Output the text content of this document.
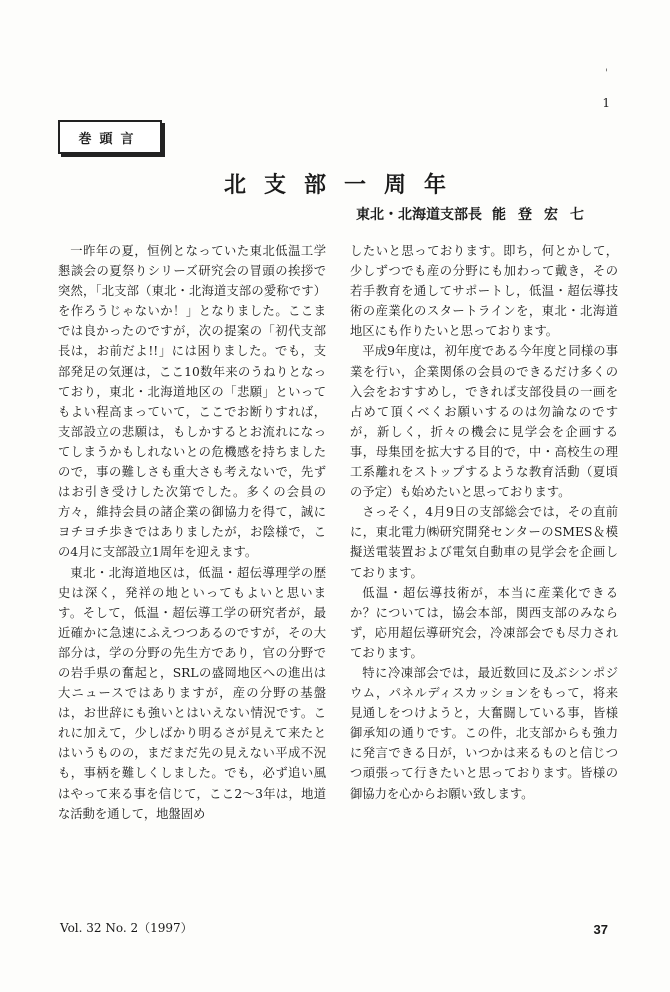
'
1
巻頭言
北支部一周年
東北・北海道支部長 能登宏七

一昨年の夏，恒例となっていた東北低温工学懇談会の夏祭りシリーズ研究会の冒頭の挨拶で突然，「北支部（東北・北海道支部の愛称です）を作ろうじゃないか！」となりました。ここまでは良かったのですが，次の提案の「初代支部長は，お前だよ!!」には困りました。でも，支部発足の気運は，ここ10数年来のうねりとなっており，東北・北海道地区の「悲願」といってもよい程高まっていて，ここでお断りすれば，支部設立の悲願は，もしかするとお流れになってしまうかもしれないとの危機感を持ちましたので，事の難しさも重大さも考えないで，先ずはお引き受けした次第でした。多くの会員の方々，維持会員の諸企業の御協力を得て，誠にヨチヨチ歩きではありましたが，お陰様で，この4月に支部設立1周年を迎えます。

東北・北海道地区は，低温・超伝導理学の歴史は深く，発祥の地といってもよいと思います。そして，低温・超伝導工学の研究者が，最近確かに急速にふえつつあるのですが，その大部分は，学の分野の先生方であり，官の分野での岩手県の奮起と，SRLの盛岡地区への進出は大ニュースではありますが，産の分野の基盤は，お世辞にも強いとはいえない情況です。これに加えて，少しばかり明るさが見えて来たとはいうものの，まだまだ先の見えない平成不況も，事柄を難しくしました。でも，必ず追い風はやって来る事を信じて，ここ2～3年は，地道な活動を通して，地盤固め

したいと思っております。即ち，何とかして，少しずつでも産の分野にも加わって戴き，その若手教育を通してサポートし，低温・超伝導技術の産業化のスタートラインを，東北・北海道地区にも作りたいと思っております。

平成9年度は，初年度である今年度と同様の事業を行い，企業関係の会員のできるだけ多くの入会をおすすめし，できれば支部役員の一画を占めて頂くべくお願いするのは勿論なのですが，新しく，折々の機会に見学会を企画する事，母集団を拡大する目的で，中・高校生の理工系離れをストップするような教育活動（夏頃の予定）も始めたいと思っております。

さっそく，4月9日の支部総会では，その直前に，東北電力㈱研究開発センターのSMES＆模擬送電装置および電気自動車の見学会を企画しております。

低温・超伝導技術が，本当に産業化できるか？については，協会本部，関西支部のみならず，応用超伝導研究会，冷凍部会でも尽力されております。

特に冷凍部会では，最近数回に及ぶシンポジウム，パネルディスカッションをもって，将来見通しをつけようと，大奮闘している事，皆様御承知の通りです。この件，北支部からも強力に発言できる日が，いつかは来るものと信じつつ頑張って行きたいと思っております。皆様の御協力を心からお願い致します。

Vol. 32 No. 2（1997）	37
